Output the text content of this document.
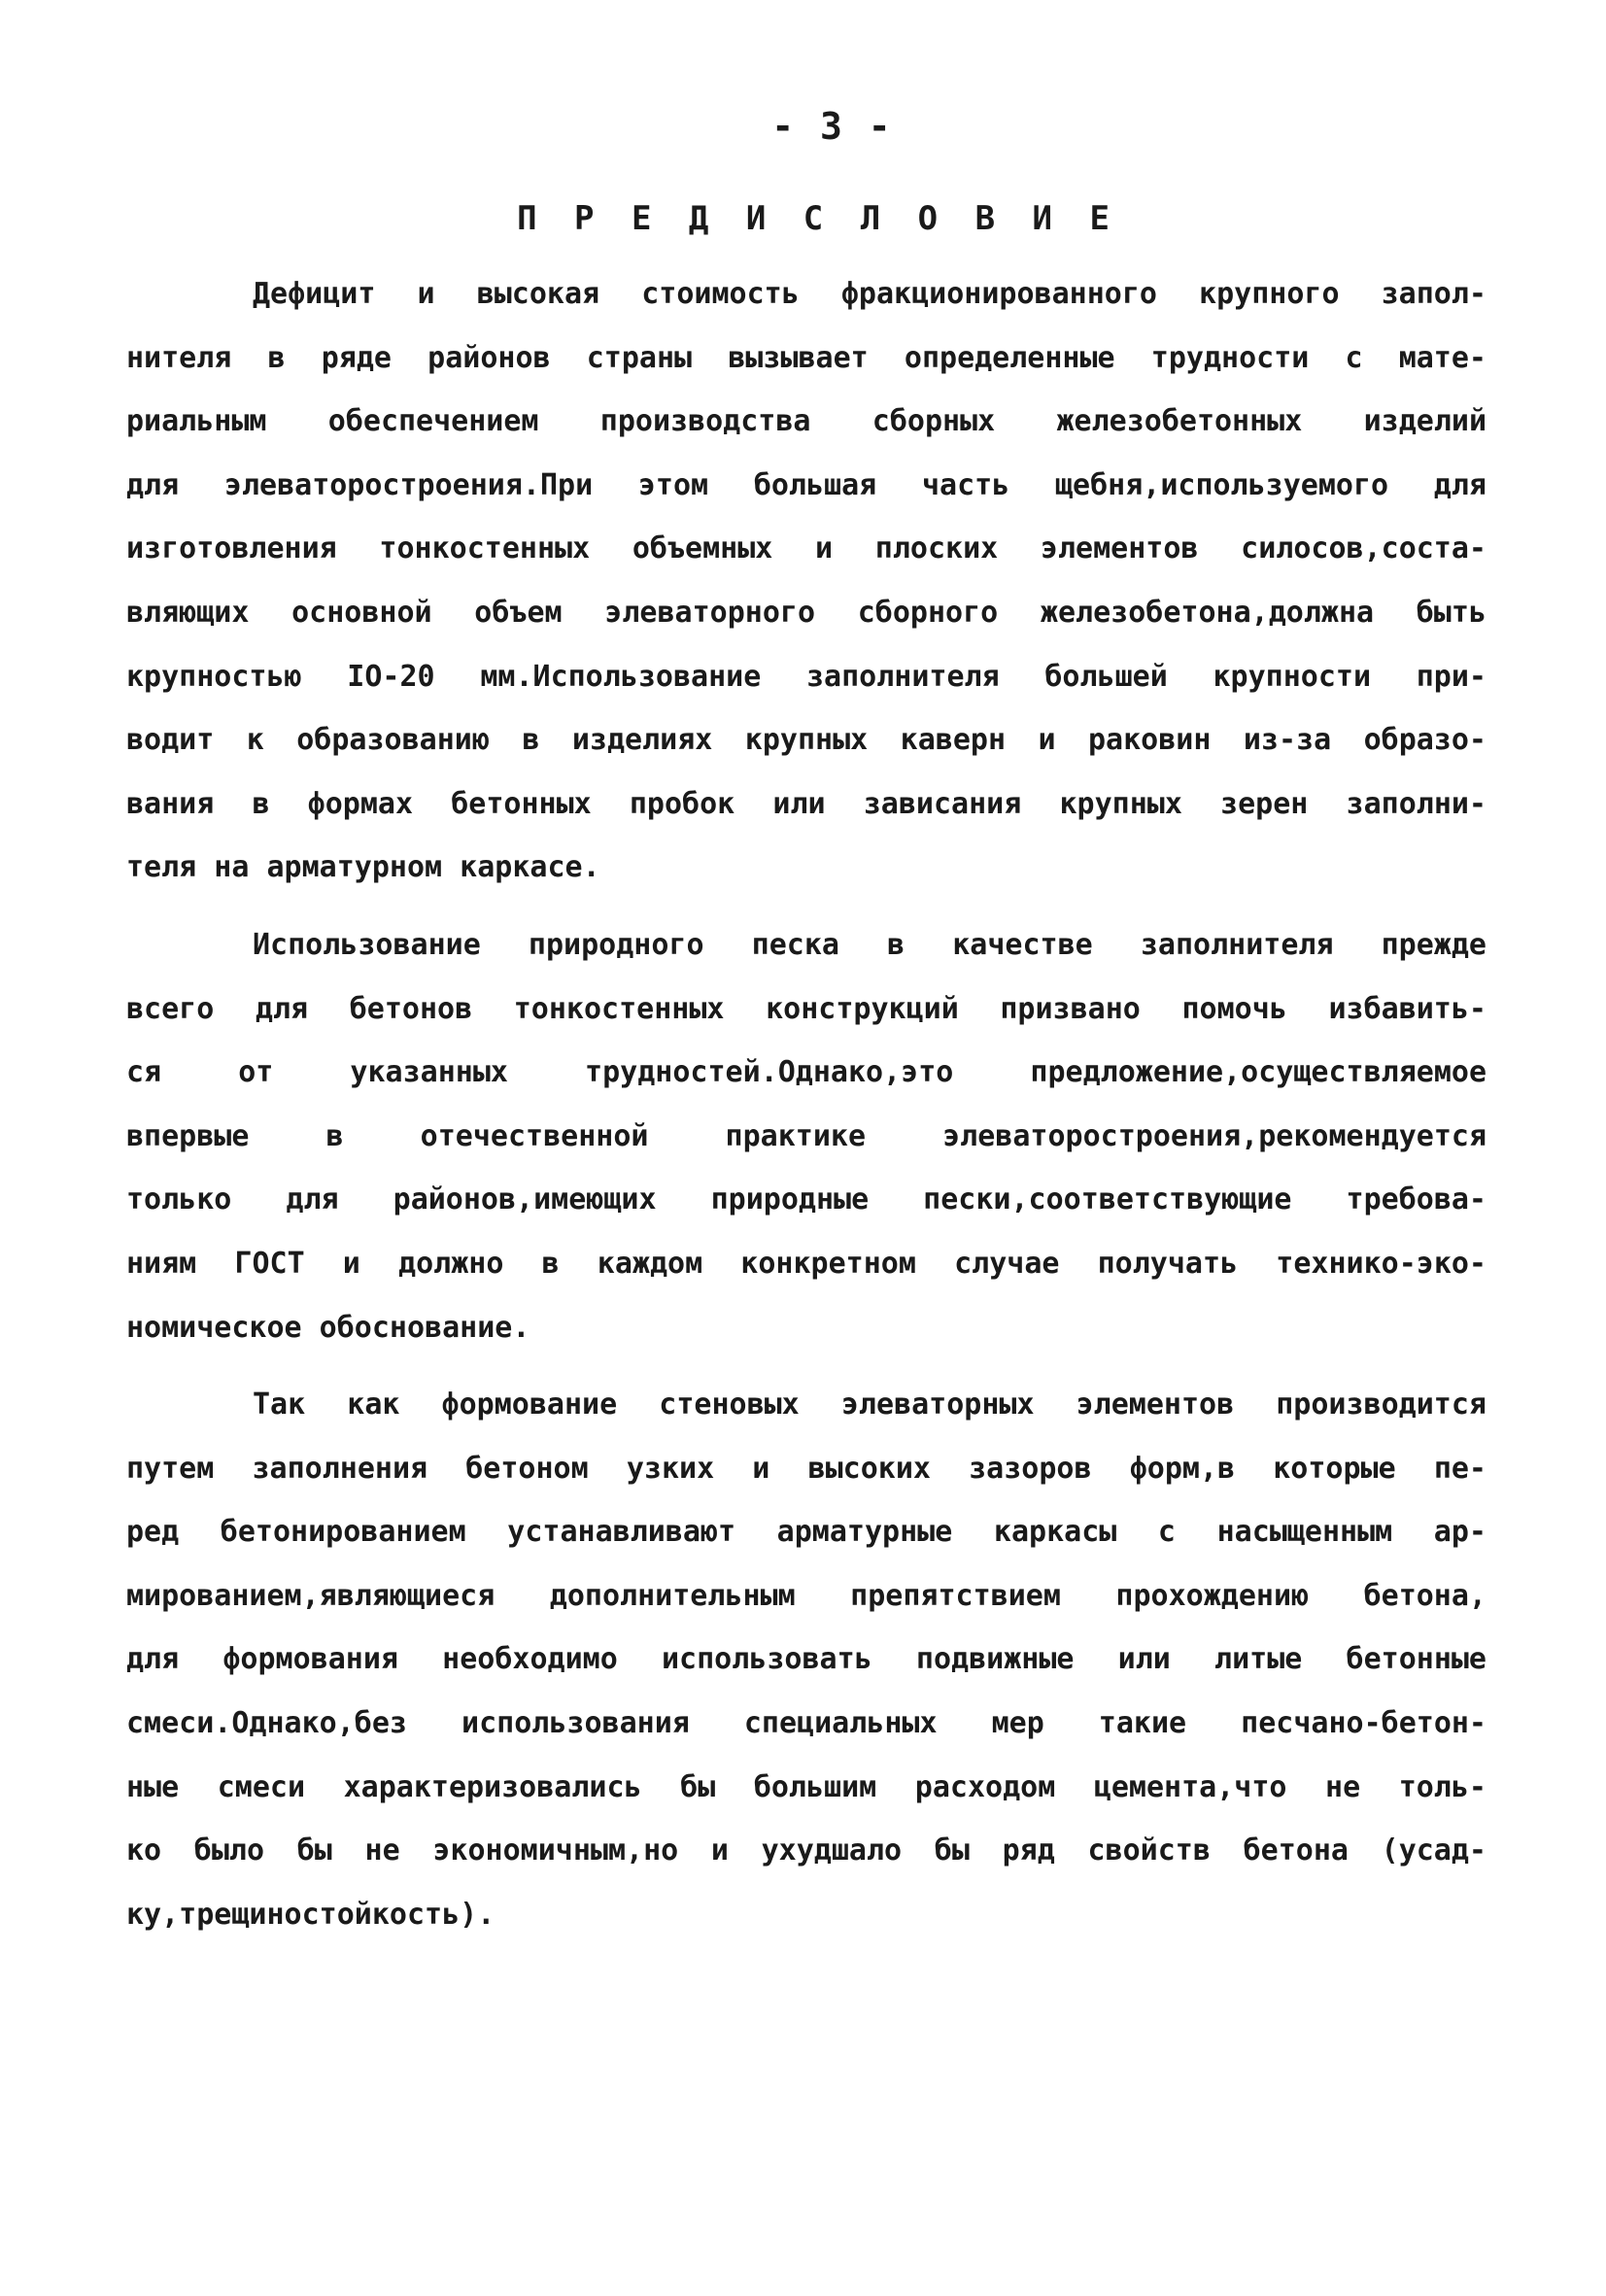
- 3 -
П Р Е Д И С Л О В И Е
Дефицит и высокая стоимость фракционированного крупного запол-
нителя в ряде районов страны вызывает определенные трудности с мате-
риальным обеспечением производства сборных железобетонных изделий
для элеваторостроения.При этом большая часть щебня,используемого для
изготовления тонкостенных объемных и плоских элементов силосов,соста-
вляющих основной объем элеваторного сборного железобетона,должна быть
крупностью IO-20 мм.Использование заполнителя большей крупности при-
водит к образованию в изделиях крупных каверн и раковин из-за образо-
вания в формах бетонных пробок или зависания крупных зерен заполни-
теля на арматурном каркасе.
Использование природного песка в качестве заполнителя прежде
всего для бетонов тонкостенных конструкций призвано помочь избавить-
ся от указанных трудностей.Однако,это предложение,осуществляемое
впервые в отечественной практике элеваторостроения,рекомендуется
только для районов,имеющих природные пески,соответствующие требова-
ниям ГОСТ и должно в каждом конкретном случае получать технико-эко-
номическое обоснование.
Так как формование стеновых элеваторных элементов производится
путем заполнения бетоном узких и высоких зазоров форм,в которые пе-
ред бетонированием устанавливают арматурные каркасы с насыщенным ар-
мированием,являющиеся дополнительным препятствием прохождению бетона,
для формования необходимо использовать подвижные или литые бетонные
смеси.Однако,без использования специальных мер такие песчано-бетон-
ные смеси характеризовались бы большим расходом цемента,что не толь-
ко было бы не экономичным,но и ухудшало бы ряд свойств бетона (усад-
ку,трещиностойкость).
